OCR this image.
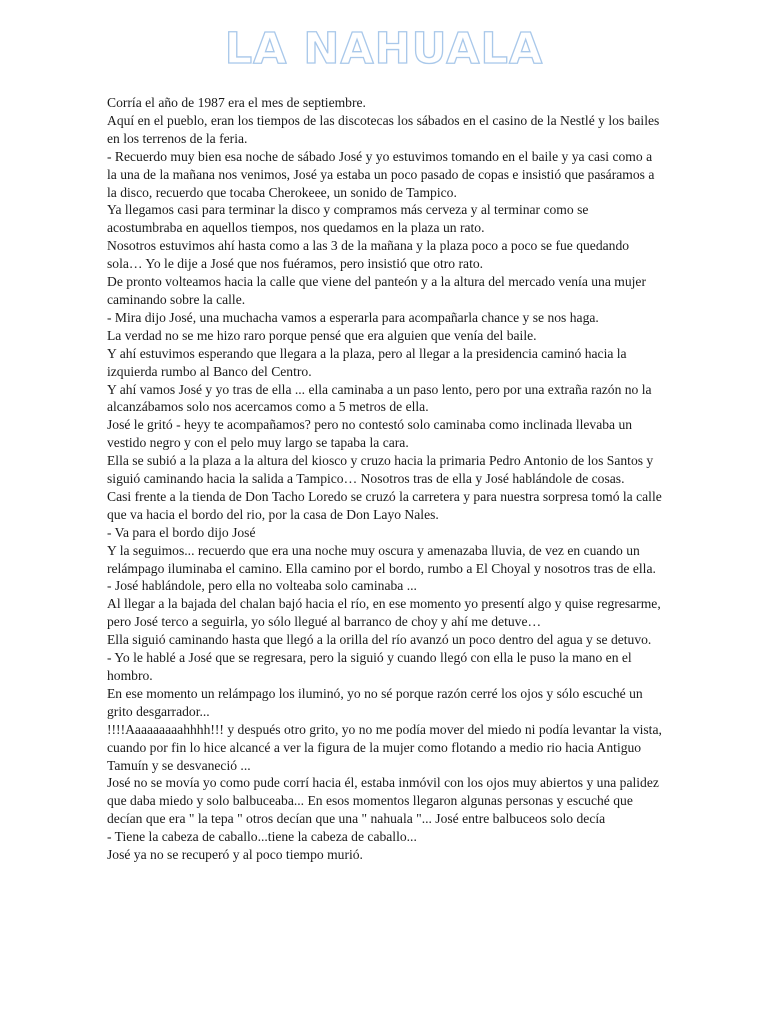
LA NAHUALA
Corría el año de 1987 era el mes de septiembre.
Aquí en el pueblo, eran los tiempos de las discotecas los sábados en el casino de la Nestlé y los bailes en los terrenos de la feria.
- Recuerdo muy bien esa noche de sábado José y yo estuvimos tomando en el baile y ya casi como a la una de la mañana nos venimos, José ya estaba un poco pasado de copas e insistió que pasáramos a la disco, recuerdo que tocaba Cherokeee, un sonido de Tampico.
Ya llegamos casi para terminar la disco y compramos más cerveza y al terminar como se acostumbraba en aquellos tiempos, nos quedamos en la plaza un rato.
Nosotros estuvimos ahí hasta como a las 3 de la mañana y la plaza poco a poco se fue quedando sola… Yo le dije a José que nos fuéramos, pero insistió que otro rato.
De pronto volteamos hacia la calle que viene del panteón y a la altura del mercado venía una mujer caminando sobre la calle.
- Mira dijo José, una muchacha vamos a esperarla para acompañarla chance y se nos haga.
La verdad no se me hizo raro porque pensé que era alguien que venía del baile.
Y ahí estuvimos esperando que llegara a la plaza, pero al llegar a la presidencia caminó hacia la izquierda rumbo al Banco del Centro.
Y ahí vamos José y yo tras de ella ... ella caminaba a un paso lento, pero por una extraña razón no la alcanzábamos solo nos acercamos como a 5 metros de ella.
José le gritó - heyy te acompañamos? pero no contestó solo caminaba como inclinada llevaba un vestido negro y con el pelo muy largo se tapaba la cara.
Ella se subió a la plaza a la altura del kiosco y cruzo hacia la primaria Pedro Antonio de los Santos y siguió caminando hacia la salida a Tampico… Nosotros tras de ella y José hablándole de cosas.
Casi frente a la tienda de Don Tacho Loredo se cruzó la carretera y para nuestra sorpresa tomó la calle que va hacia el bordo del rio, por la casa de Don Layo Nales.
- Va para el bordo dijo José
Y la seguimos... recuerdo que era una noche muy oscura y amenazaba lluvia, de vez en cuando un relámpago iluminaba el camino. Ella camino por el bordo, rumbo a El Choyal y nosotros tras de ella.
- José hablándole, pero ella no volteaba solo caminaba ...
Al llegar a la bajada del chalan bajó hacia el río, en ese momento yo presentí algo y quise regresarme, pero José terco a seguirla, yo sólo llegué al barranco de choy y ahí me detuve…
Ella siguió caminando hasta que llegó a la orilla del río avanzó un poco dentro del agua y se detuvo.
- Yo le hablé a José que se regresara, pero la siguió y cuando llegó con ella le puso la mano en el hombro.
En ese momento un relámpago los iluminó, yo no sé porque razón cerré los ojos y sólo escuché un grito desgarrador...
!!!!Aaaaaaaaahhhh!!! y después otro grito, yo no me podía mover del miedo ni podía levantar la vista, cuando por fin lo hice alcancé a ver la figura de la mujer como flotando a medio rio hacia Antiguo Tamuín y se desvaneció ...
José no se movía yo como pude corrí hacia él, estaba inmóvil con los ojos muy abiertos y una palidez que daba miedo y solo balbuceaba... En esos momentos llegaron algunas personas y escuché que decían que era " la tepa " otros decían que una " nahuala "... José entre balbuceos solo decía
- Tiene la cabeza de caballo...tiene la cabeza de caballo...
José ya no se recuperó y al poco tiempo murió.
